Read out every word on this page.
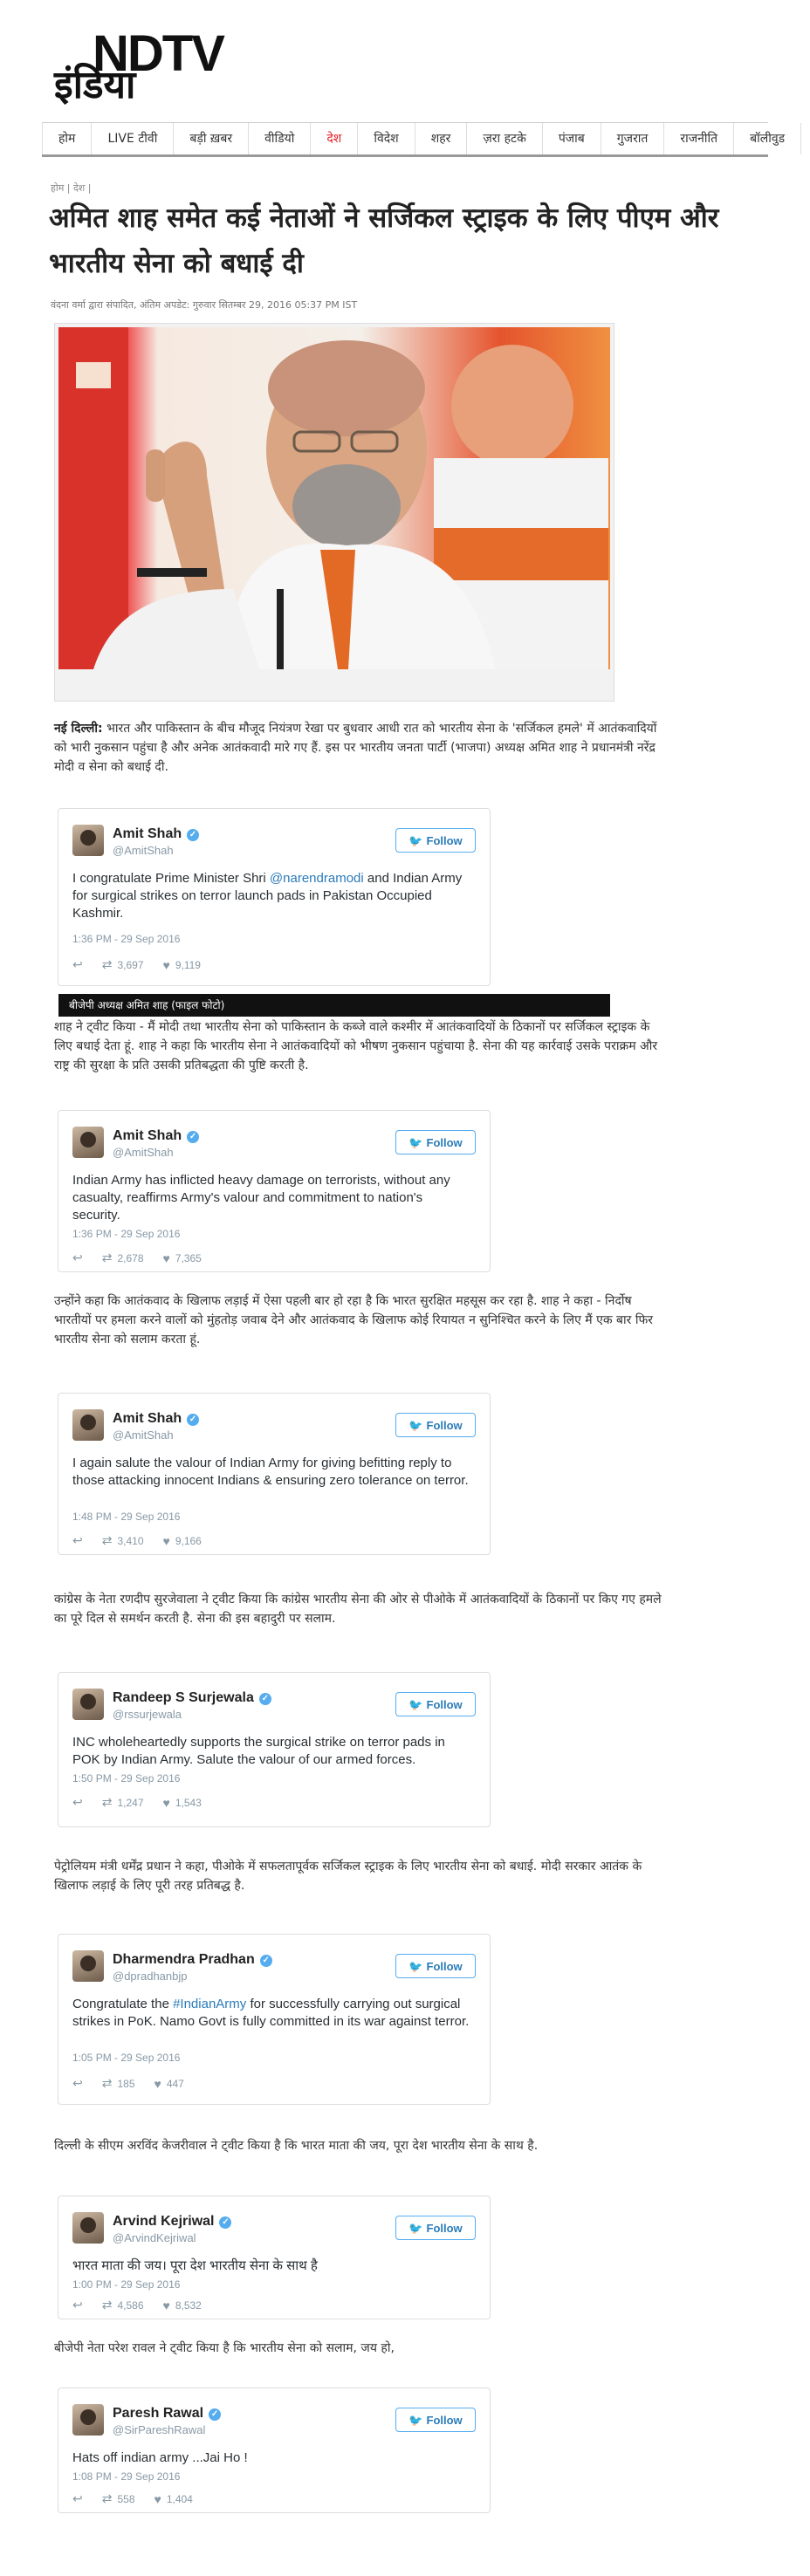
NDTV
इंडिया
होम	LIVE टीवी	बड़ी ख़बर	वीडियो	देश	विदेश	शहर	ज़रा हटके	पंजाब	गुजरात	राजनीति	बॉलीवुड
होम | देश |
अमित शाह समेत कई नेताओं ने सर्जिकल स्ट्राइक के लिए पीएम और भारतीय सेना को बधाई दी
वंदना वर्मा द्वारा संपादित, अंतिम अपडेट: गुरुवार सितम्बर 29, 2016 05:37 PM IST
बीजेपी अध्यक्ष अमित शाह (फाइल फोटो)

नई दिल्ली: भारत और पाकिस्तान के बीच मौजूद नियंत्रण रेखा पर बुधवार आधी रात को भारतीय सेना के 'सर्जिकल हमले' में आतंकवादियों को भारी नुकसान पहुंचा है और अनेक आतंकवादी मारे गए हैं. इस पर भारतीय जनता पार्टी (भाजपा) अध्यक्ष अमित शाह ने प्रधानमंत्री नरेंद्र मोदी व सेना को बधाई दी.

Amit Shah ✓
@AmitShah
🐦 Follow
I congratulate Prime Minister Shri @narendramodi and Indian Army for surgical strikes on terror launch pads in Pakistan Occupied Kashmir.
1:36 PM - 29 Sep 2016
↩ ⇄ 3,697 ♥ 9,119

शाह ने ट्वीट किया - मैं मोदी तथा भारतीय सेना को पाकिस्तान के कब्जे वाले कश्मीर में आतंकवादियों के ठिकानों पर सर्जिकल स्ट्राइक के लिए बधाई देता हूं. शाह ने कहा कि भारतीय सेना ने आतंकवादियों को भीषण नुकसान पहुंचाया है. सेना की यह कार्रवाई उसके पराक्रम और राष्ट्र की सुरक्षा के प्रति उसकी प्रतिबद्धता की पुष्टि करती है.

Amit Shah ✓
@AmitShah
🐦 Follow
Indian Army has inflicted heavy damage on terrorists, without any casualty, reaffirms Army's valour and commitment to nation's security.
1:36 PM - 29 Sep 2016
↩ ⇄ 2,678 ♥ 7,365

उन्होंने कहा कि आतंकवाद के खिलाफ लड़ाई में ऐसा पहली बार हो रहा है कि भारत सुरक्षित महसूस कर रहा है. शाह ने कहा - निर्दोष भारतीयों पर हमला करने वालों को मुंहतोड़ जवाब देने और आतंकवाद के खिलाफ कोई रियायत न सुनिश्चित करने के लिए मैं एक बार फिर भारतीय सेना को सलाम करता हूं.

Amit Shah ✓
@AmitShah
🐦 Follow
I again salute the valour of Indian Army for giving befitting reply to those attacking innocent Indians & ensuring zero tolerance on terror.
1:48 PM - 29 Sep 2016
↩ ⇄ 3,410 ♥ 9,166

कांग्रेस के नेता रणदीप सुरजेवाला ने ट्वीट किया कि कांग्रेस भारतीय सेना की ओर से पीओके में आतंकवादियों के ठिकानों पर किए गए हमले का पूरे दिल से समर्थन करती है. सेना की इस बहादुरी पर सलाम.

Randeep S Surjewala ✓
@rssurjewala
🐦 Follow
INC wholeheartedly supports the surgical strike on terror pads in POK by Indian Army. Salute the valour of our armed forces.
1:50 PM - 29 Sep 2016
↩ ⇄ 1,247 ♥ 1,543

पेट्रोलियम मंत्री धर्मेंद्र प्रधान ने कहा, पीओके में सफलतापूर्वक सर्जिकल स्ट्राइक के लिए भारतीय सेना को बधाई. मोदी सरकार आतंक के खिलाफ लड़ाई के लिए पूरी तरह प्रतिबद्ध है.

Dharmendra Pradhan ✓
@dpradhanbjp
🐦 Follow
Congratulate the #IndianArmy for successfully carrying out surgical strikes in PoK. Namo Govt is fully committed in its war against terror.
1:05 PM - 29 Sep 2016
↩ ⇄ 185 ♥ 447

दिल्ली के सीएम अरविंद केजरीवाल ने ट्वीट किया है कि भारत माता की जय, पूरा देश भारतीय सेना के साथ है.

Arvind Kejriwal ✓
@ArvindKejriwal
🐦 Follow
भारत माता की जय। पूरा देश भारतीय सेना के साथ है
1:00 PM - 29 Sep 2016
↩ ⇄ 4,586 ♥ 8,532

बीजेपी नेता परेश रावल ने ट्वीट किया है कि भारतीय सेना को सलाम, जय हो,

Paresh Rawal ✓
@SirPareshRawal
🐦 Follow
Hats off indian army ...Jai Ho !
1:08 PM - 29 Sep 2016
↩ ⇄ 558 ♥ 1,404
